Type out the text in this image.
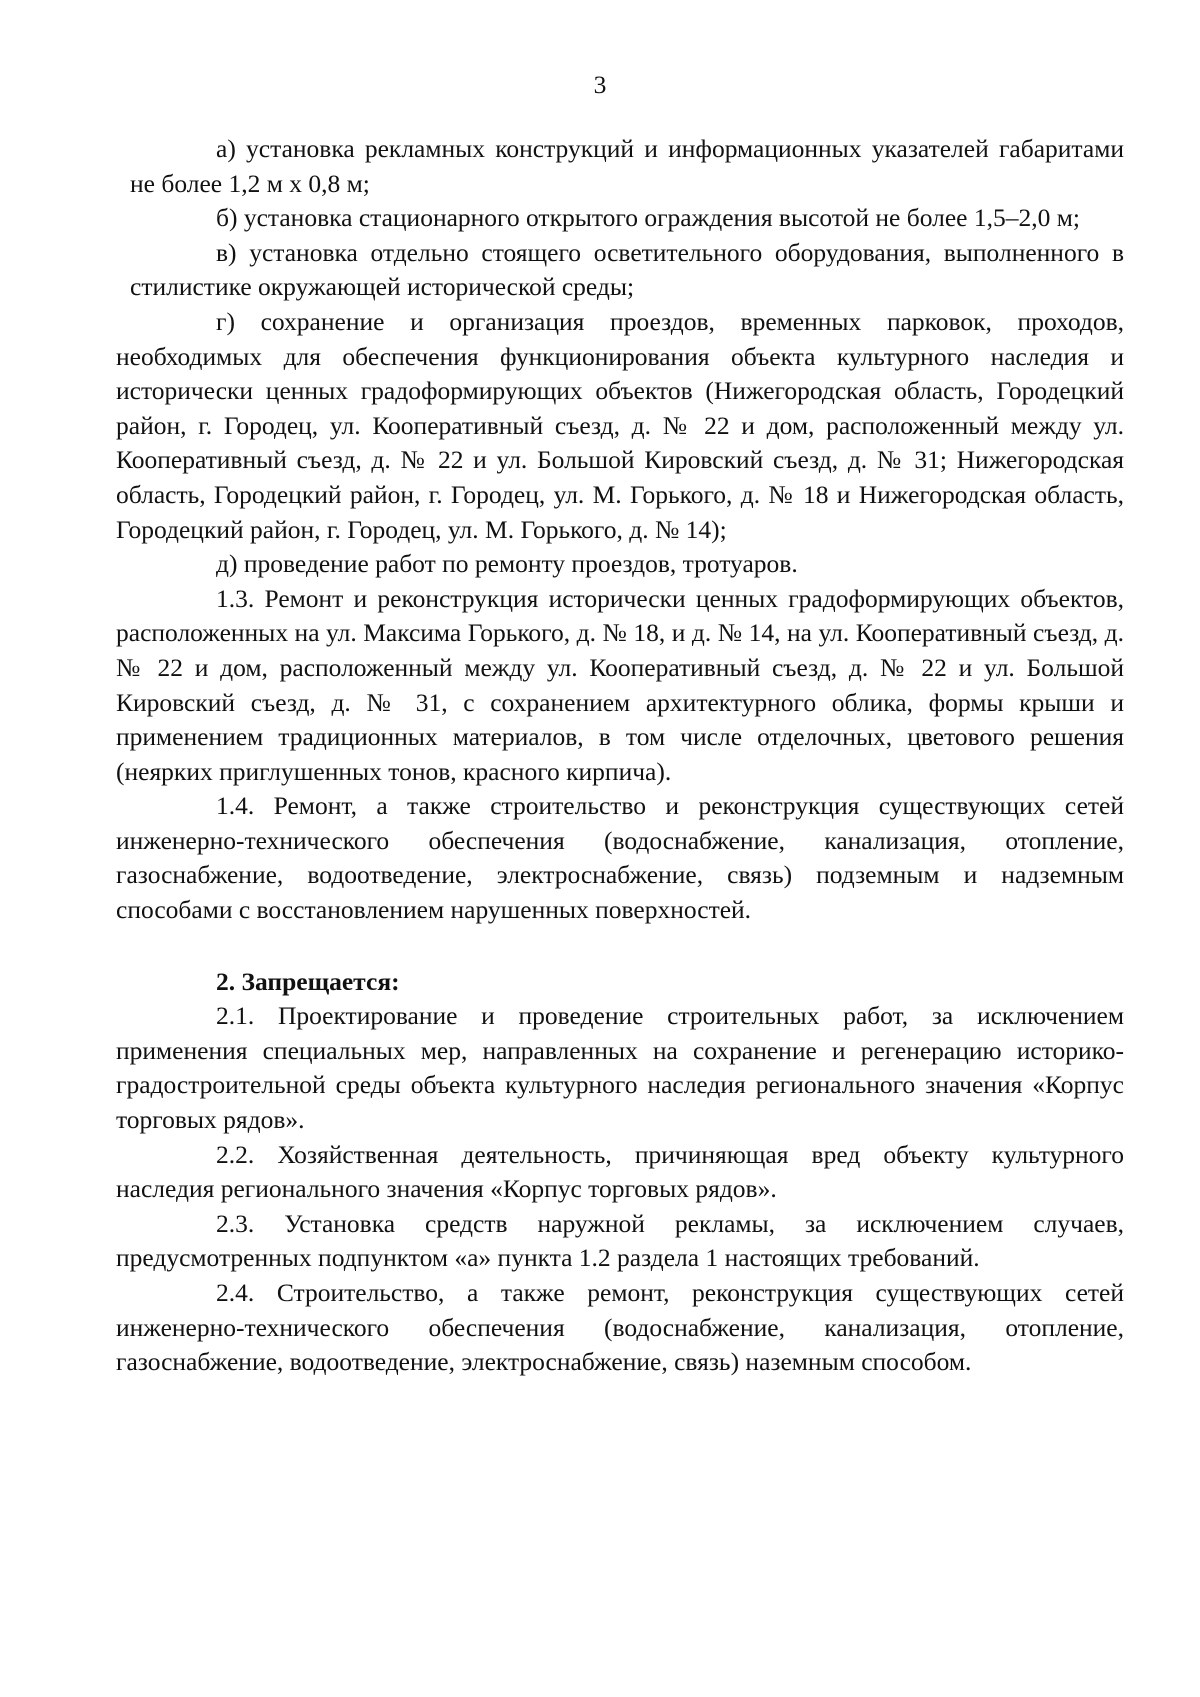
3

а) установка рекламных конструкций и информационных указателей габаритами не более 1,2 м х 0,8 м;

б) установка стационарного открытого ограждения высотой не более 1,5–2,0 м;

в) установка отдельно стоящего осветительного оборудования, выполненного в стилистике окружающей исторической среды;

г) сохранение и организация проездов, временных парковок, проходов, необходимых для обеспечения функционирования объекта культурного наследия и исторически ценных градоформирующих объектов (Нижегородская область, Городецкий район, г. Городец, ул. Кооперативный съезд, д. № 22 и дом, расположенный между ул. Кооперативный съезд, д. № 22 и ул. Большой Кировский съезд, д. № 31; Нижегородская область, Городецкий район, г. Городец, ул. М. Горького, д. № 18 и Нижегородская область, Городецкий район, г. Городец, ул. М. Горького, д. № 14);

д) проведение работ по ремонту проездов, тротуаров.

1.3. Ремонт и реконструкция исторически ценных градоформирующих объектов, расположенных на ул. Максима Горького, д. № 18, и д. № 14, на ул. Кооперативный съезд, д. № 22 и дом, расположенный между ул. Кооперативный съезд, д. № 22 и ул. Большой Кировский съезд, д. № 31, с сохранением архитектурного облика, формы крыши и применением традиционных материалов, в том числе отделочных, цветового решения (неярких приглушенных тонов, красного кирпича).

1.4. Ремонт, а также строительство и реконструкция существующих сетей инженерно-технического обеспечения (водоснабжение, канализация, отопление, газоснабжение, водоотведение, электроснабжение, связь) подземным и надземным способами с восстановлением нарушенных поверхностей.

2. Запрещается:

2.1. Проектирование и проведение строительных работ, за исключением применения специальных мер, направленных на сохранение и регенерацию историко-градостроительной среды объекта культурного наследия регионального значения «Корпус торговых рядов».

2.2. Хозяйственная деятельность, причиняющая вред объекту культурного наследия регионального значения «Корпус торговых рядов».

2.3. Установка средств наружной рекламы, за исключением случаев, предусмотренных подпунктом «а» пункта 1.2 раздела 1 настоящих требований.

2.4. Строительство, а также ремонт, реконструкция существующих сетей инженерно-технического обеспечения (водоснабжение, канализация, отопление, газоснабжение, водоотведение, электроснабжение, связь) наземным способом.
